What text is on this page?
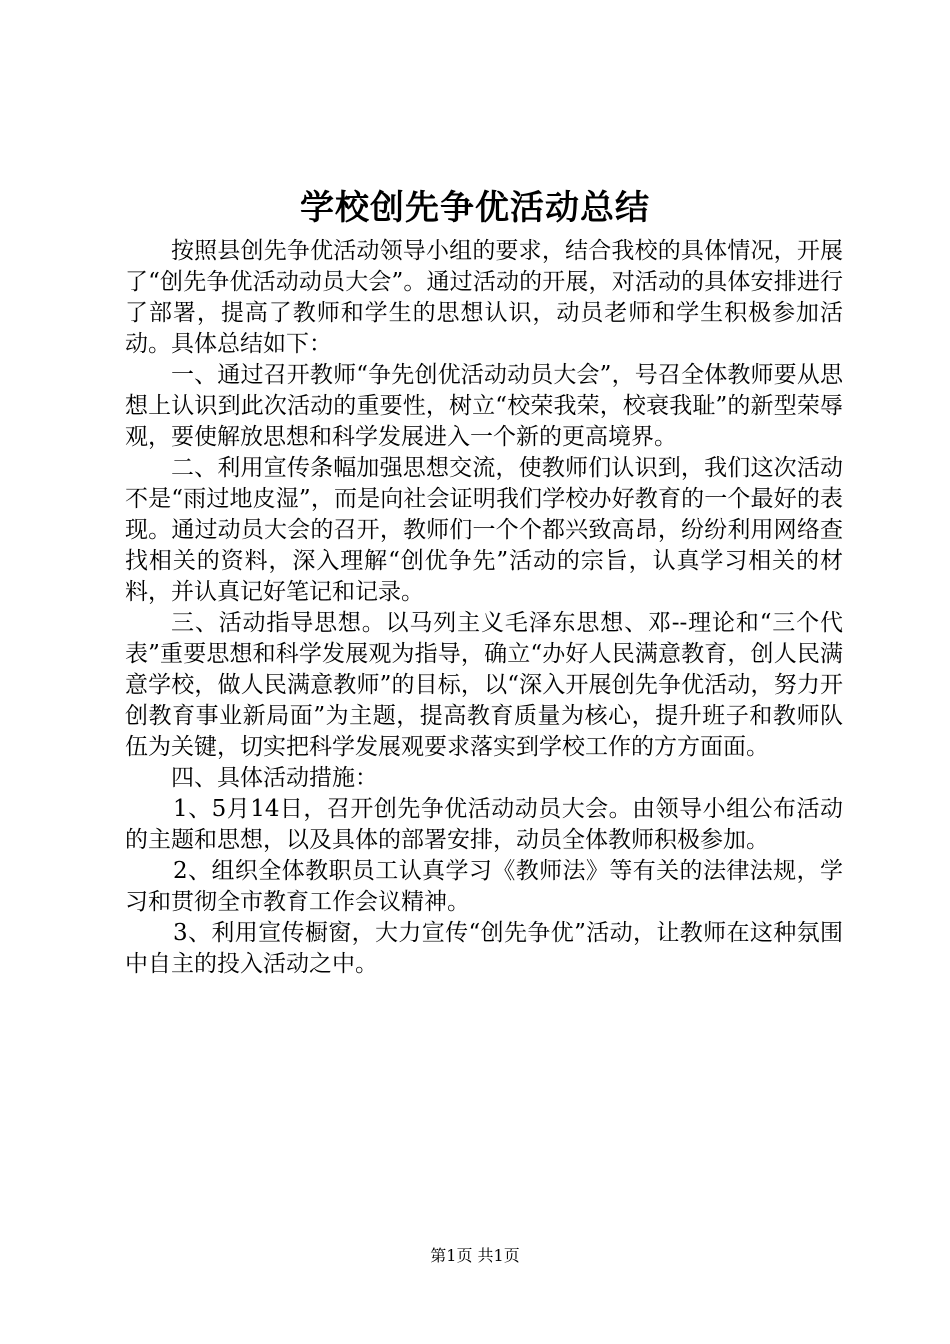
学校创先争优活动总结

按照县创先争优活动领导小组的要求，结合我校的具体情况，开展了“创先争优活动动员大会”。通过活动的开展，对活动的具体安排进行了部署，提高了教师和学生的思想认识，动员老师和学生积极参加活动。具体总结如下：

一、通过召开教师“争先创优活动动员大会”，号召全体教师要从思想上认识到此次活动的重要性，树立“校荣我荣，校衰我耻”的新型荣辱观，要使解放思想和科学发展进入一个新的更高境界。

二、利用宣传条幅加强思想交流，使教师们认识到，我们这次活动不是“雨过地皮湿”，而是向社会证明我们学校办好教育的一个最好的表现。通过动员大会的召开，教师们一个个都兴致高昂，纷纷利用网络查找相关的资料，深入理解“创优争先”活动的宗旨，认真学习相关的材料，并认真记好笔记和记录。

三、活动指导思想。以马列主义毛泽东思想、邓--理论和“三个代表”重要思想和科学发展观为指导，确立“办好人民满意教育，创人民满意学校，做人民满意教师”的目标，以“深入开展创先争优活动，努力开创教育事业新局面”为主题，提高教育质量为核心，提升班子和教师队伍为关键，切实把科学发展观要求落实到学校工作的方方面面。

四、具体活动措施：

1、5月14日，召开创先争优活动动员大会。由领导小组公布活动的主题和思想，以及具体的部署安排，动员全体教师积极参加。

2、组织全体教职员工认真学习《教师法》等有关的法律法规，学习和贯彻全市教育工作会议精神。

3、利用宣传橱窗，大力宣传“创先争优”活动，让教师在这种氛围中自主的投入活动之中。

第1页 共1页
